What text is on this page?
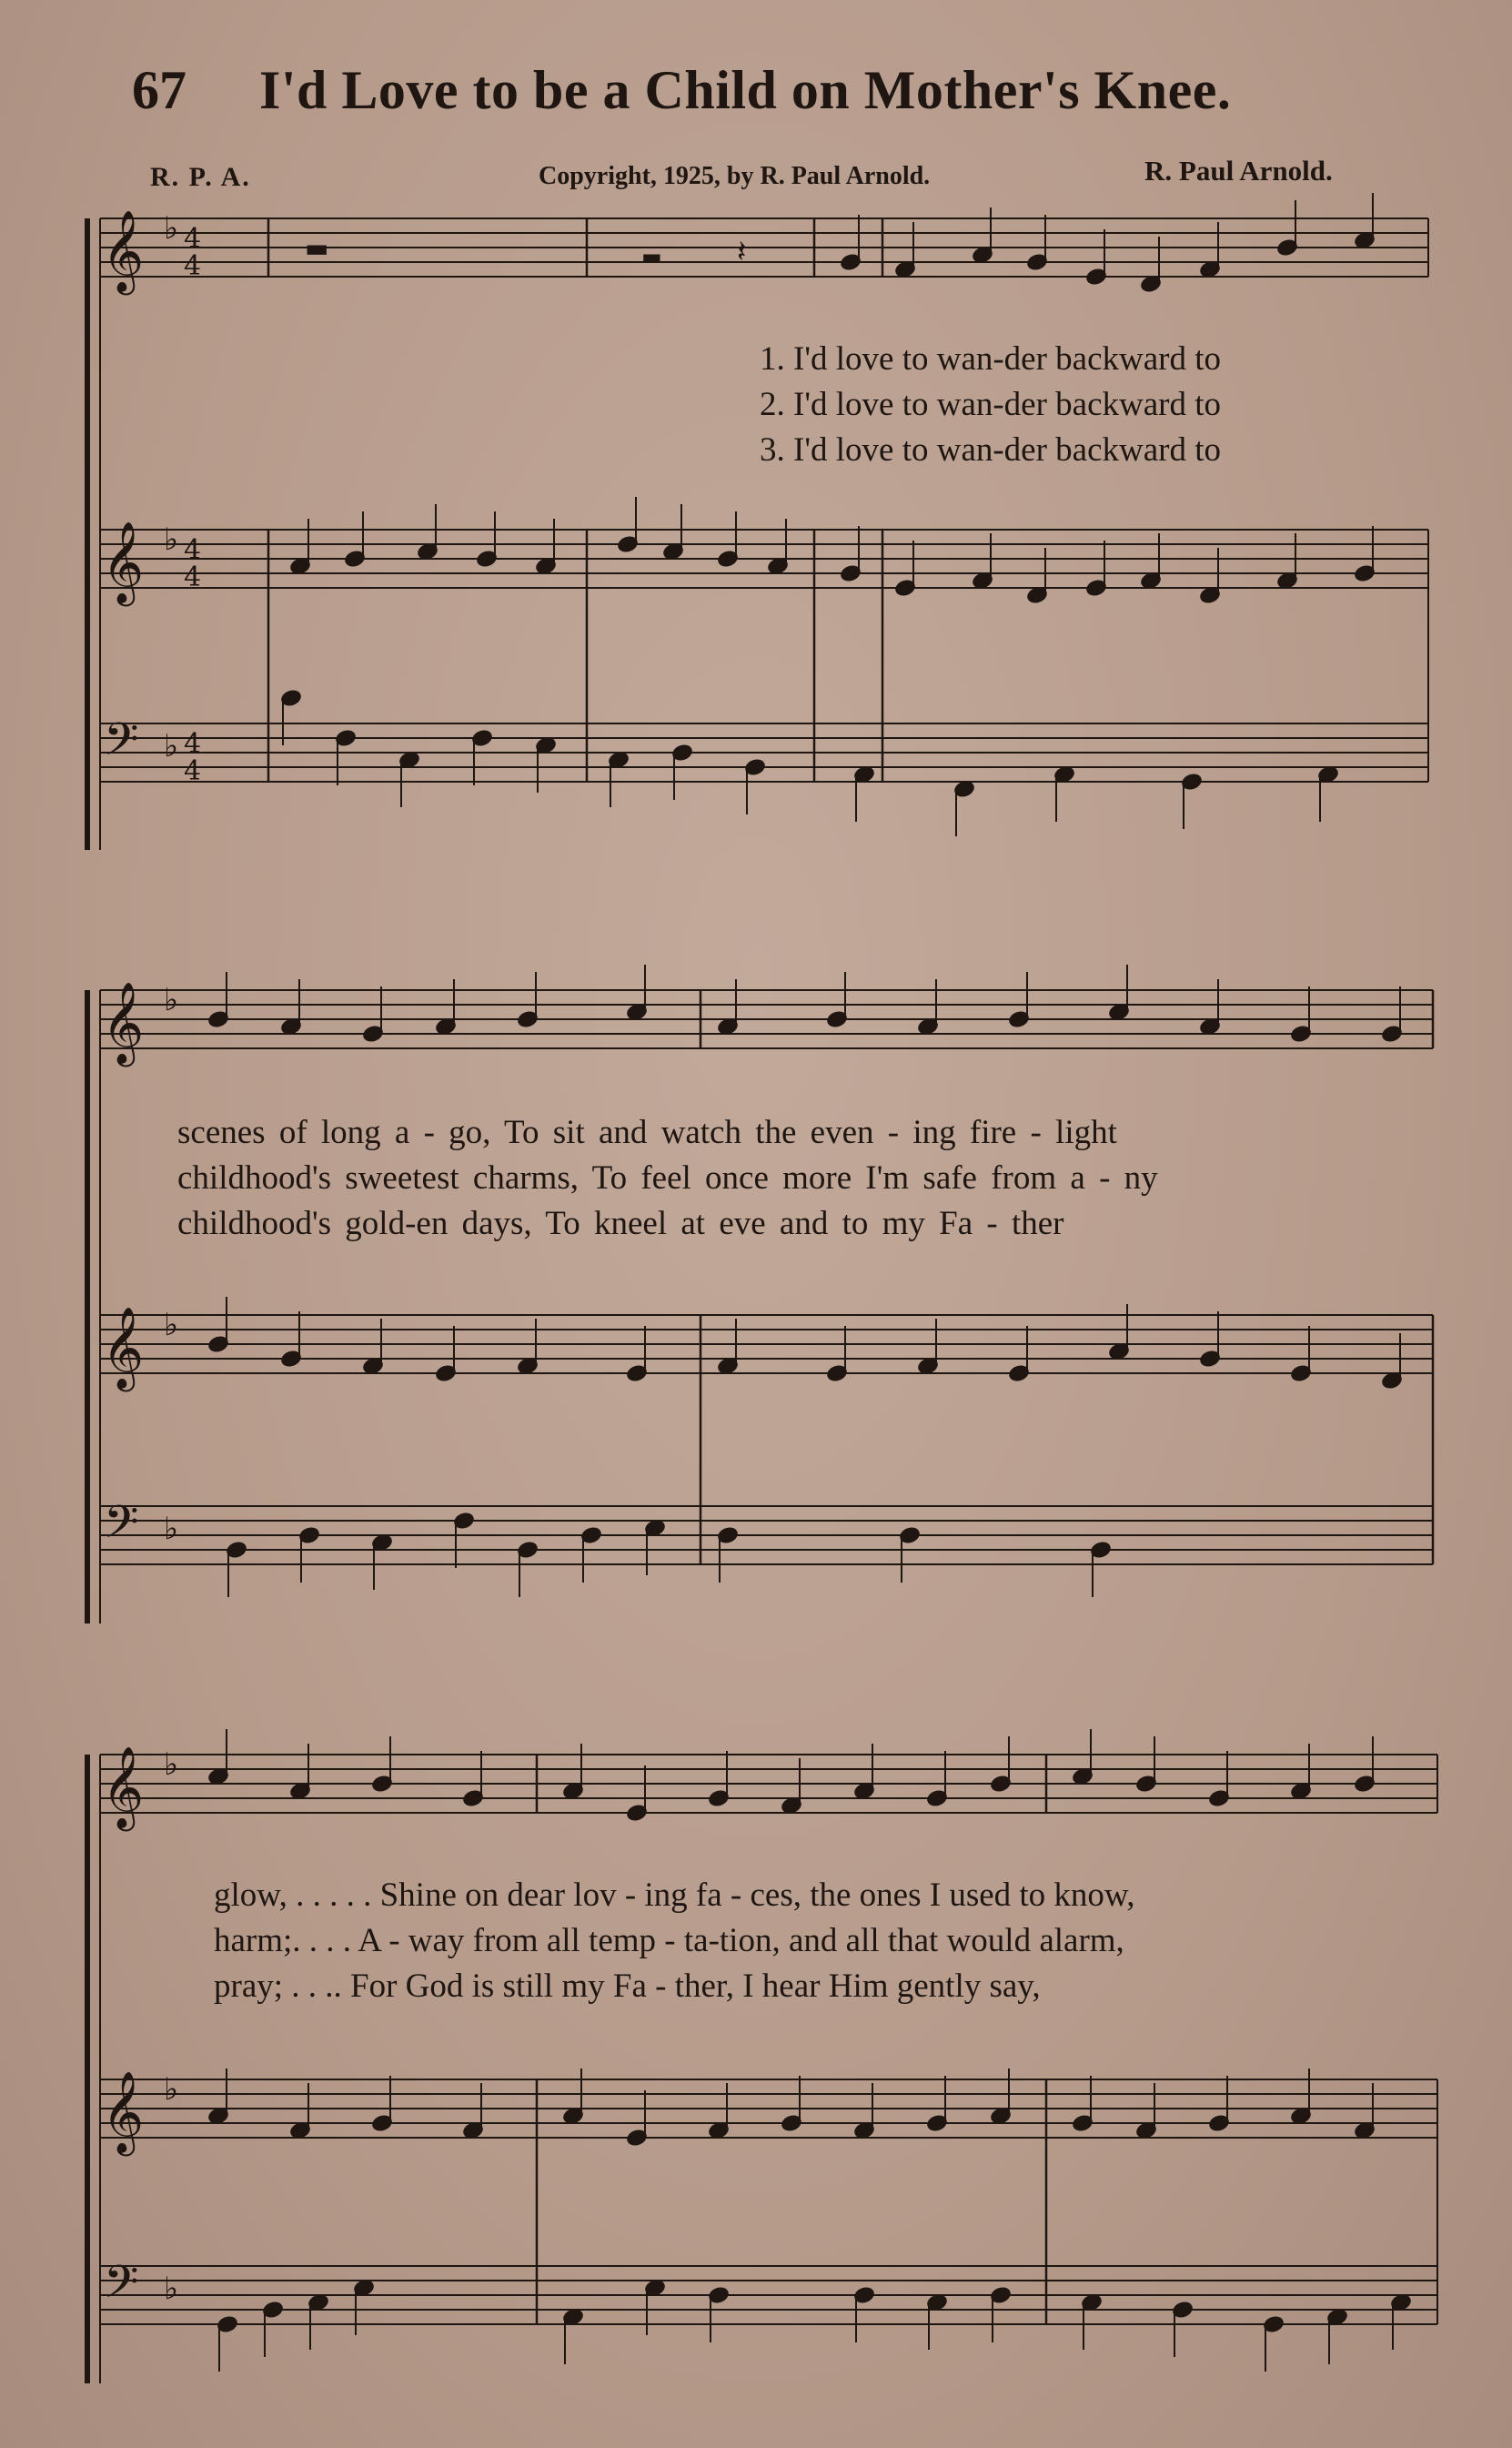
67 I'd Love to be a Child on Mother's Knee.
R. P. A.	Copyright, 1925, by R. Paul Arnold.	R. Paul Arnold.
𝄞 ♭ 4
4
𝄞 ♭ 4
4
𝄢 ♭ 4
4
𝄞 ♭
𝄞 ♭
𝄢 ♭
𝄞 ♭
𝄞 ♭
𝄢 ♭
▬	▬ 𝄽
1. I'd love to wan-der backward to
2. I'd love to wan-der backward to
3. I'd love to wan-der backward to
scenes of long a - go, To sit and watch the even - ing fire - light
childhood's sweetest charms, To feel once more I'm safe from a - ny
childhood's gold-en days, To kneel at eve and to my Fa - ther
glow, . . . . . Shine on dear lov - ing fa - ces, the ones I used to know,
harm;. . . . A - way from all temp - ta-tion, and all that would alarm,
pray; . . .. For God is still my Fa - ther, I hear Him gently say,
